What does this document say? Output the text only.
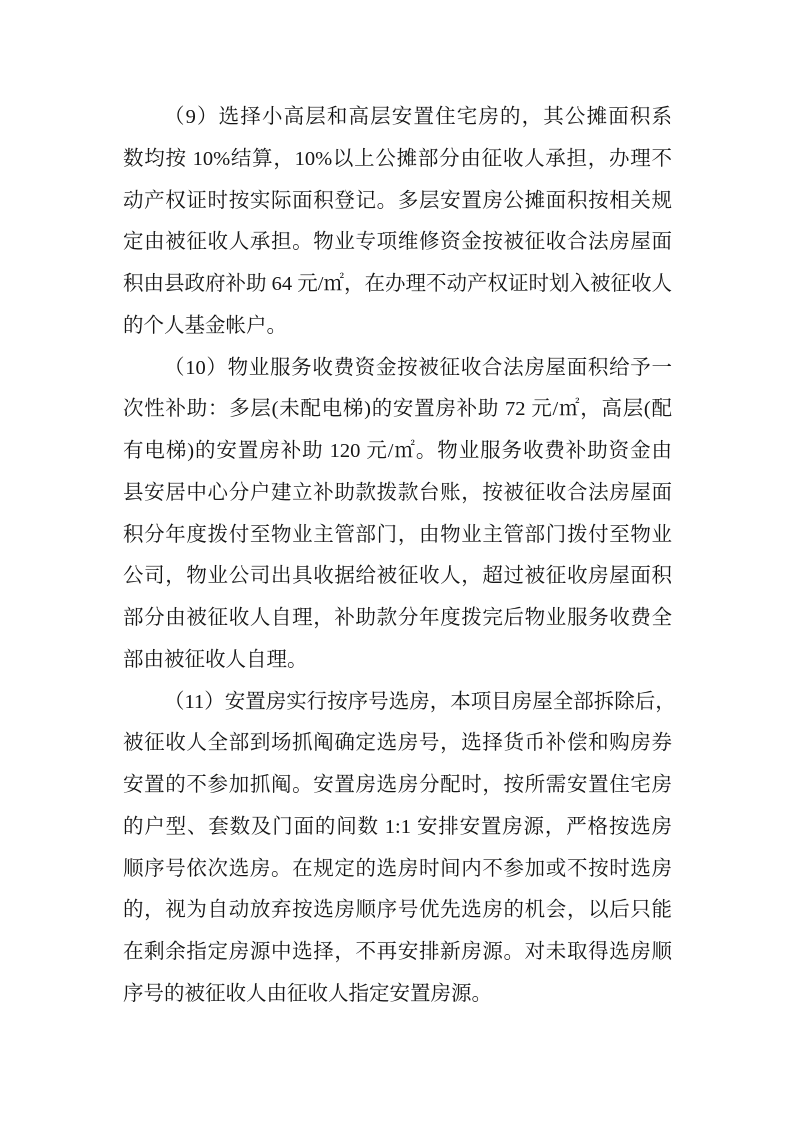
（9）选择小高层和高层安置住宅房的，其公摊面积系
数均按 10%结算，10%以上公摊部分由征收人承担，办理不
动产权证时按实际面积登记。多层安置房公摊面积按相关规
定由被征收人承担。物业专项维修资金按被征收合法房屋面
积由县政府补助 64 元/㎡，在办理不动产权证时划入被征收人
的个人基金帐户。
（10）物业服务收费资金按被征收合法房屋面积给予一
次性补助：多层(未配电梯)的安置房补助 72 元/㎡，高层(配
有电梯)的安置房补助 120 元/㎡。物业服务收费补助资金由
县安居中心分户建立补助款拨款台账，按被征收合法房屋面
积分年度拨付至物业主管部门，由物业主管部门拨付至物业
公司，物业公司出具收据给被征收人，超过被征收房屋面积
部分由被征收人自理，补助款分年度拨完后物业服务收费全
部由被征收人自理。
（11）安置房实行按序号选房，本项目房屋全部拆除后，
被征收人全部到场抓阄确定选房号，选择货币补偿和购房券
安置的不参加抓阄。安置房选房分配时，按所需安置住宅房
的户型、套数及门面的间数 1:1 安排安置房源，严格按选房
顺序号依次选房。在规定的选房时间内不参加或不按时选房
的，视为自动放弃按选房顺序号优先选房的机会，以后只能
在剩余指定房源中选择，不再安排新房源。对未取得选房顺
序号的被征收人由征收人指定安置房源。
